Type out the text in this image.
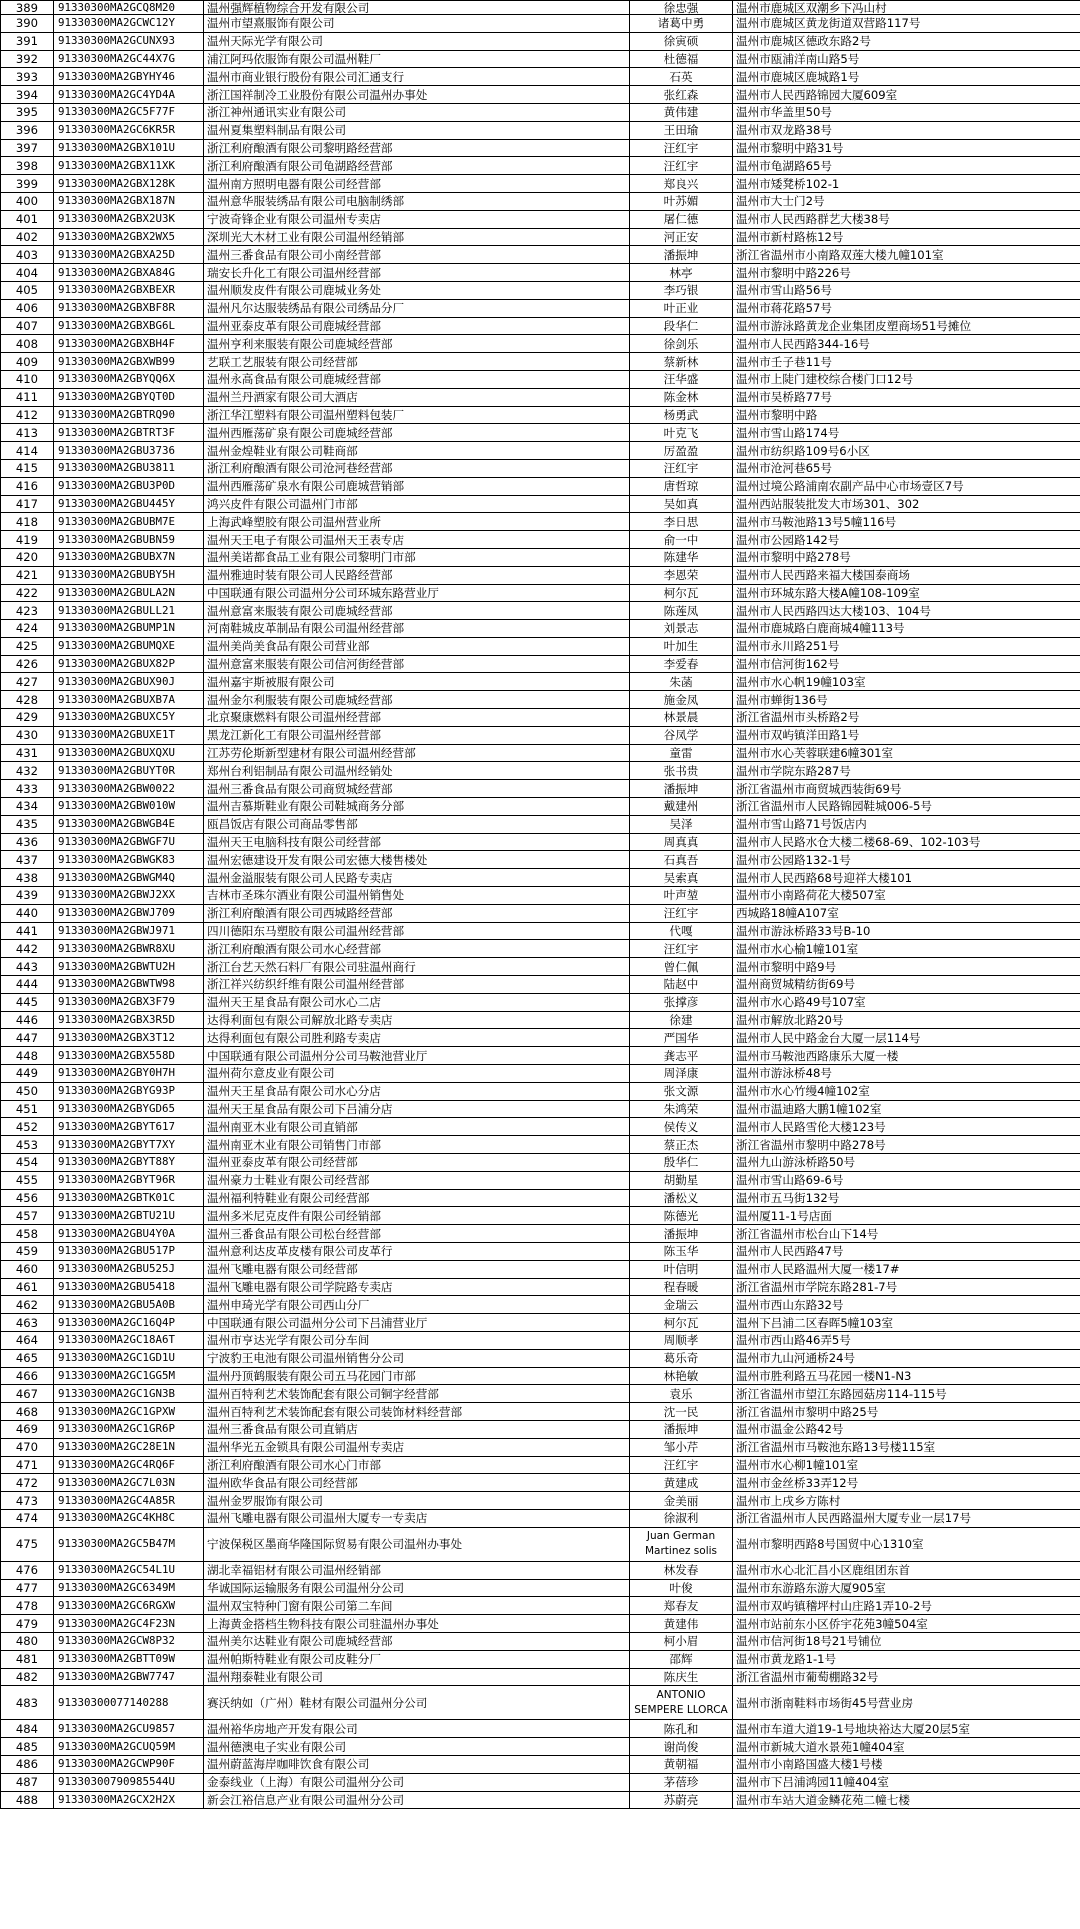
389	91330300MA2GCQ8M20	温州强辉植物综合开发有限公司	徐忠强	温州市鹿城区双潮乡下冯山村
390	91330300MA2GCWC12Y	温州市望熹服饰有限公司	诸葛中勇	温州市鹿城区黄龙街道双营路117号
391	91330300MA2GCUNX93	温州天际光学有限公司	徐寅硕	温州市鹿城区德政东路2号
392	91330300MA2GC44X7G	浦江阿玛依服饰有限公司温州鞋厂	杜德福	温州市瓯浦洋南山路5号
393	91330300MA2GBYHY46	温州市商业银行股份有限公司汇通支行	石英	温州市鹿城区鹿城路1号
394	91330300MA2GC4YD4A	浙江国祥制冷工业股份有限公司温州办事处	张红森	温州市人民西路锦园大厦609室
395	91330300MA2GC5F77F	浙江神州通讯实业有限公司	黄伟建	温州市华盖里50号
396	91330300MA2GC6KR5R	温州夏集塑料制品有限公司	王田瑜	温州市双龙路38号
397	91330300MA2GBX101U	浙江利府酿酒有限公司黎明路经营部	汪红宇	温州市黎明中路31号
398	91330300MA2GBX11XK	浙江利府酿酒有限公司龟湖路经营部	汪红宇	温州市龟湖路65号
399	91330300MA2GBX128K	温州南方照明电器有限公司经营部	郑良兴	温州市矮凳桥102-1
400	91330300MA2GBX187N	温州意华服装绣品有限公司电脑制绣部	叶苏媚	温州市大士门2号
401	91330300MA2GBX2U3K	宁波奇锋企业有限公司温州专卖店	屠仁德	温州市人民西路群艺大楼38号
402	91330300MA2GBX2WX5	深圳光大木材工业有限公司温州经销部	河正安	温州市新村路栋12号
403	91330300MA2GBXA25D	温州三番食品有限公司小南经营部	潘振坤	浙江省温州市小南路双莲大楼九幢101室
404	91330300MA2GBXA84G	瑞安长升化工有限公司温州经营部	林亭	温州市黎明中路226号
405	91330300MA2GBXBEXR	温州顺发皮件有限公司鹿城业务处	李巧银	温州市雪山路56号
406	91330300MA2GBXBF8R	温州凡尔达服装绣品有限公司绣品分厂	叶正业	温州市蒋花路57号
407	91330300MA2GBXBG6L	温州亚泰皮革有限公司鹿城经营部	段华仁	温州市游泳路黄龙企业集团皮塑商场51号摊位
408	91330300MA2GBXBH4F	温州亨利来服装有限公司鹿城经营部	徐剑乐	温州市人民西路344-16号
409	91330300MA2GBXWB99	艺联工艺服装有限公司经营部	蔡新林	温州市壬子巷11号
410	91330300MA2GBYQQ6X	温州永高食品有限公司鹿城经营部	汪华盛	温州市上陡门建校综合楼门口12号
411	91330300MA2GBYQT0D	温州兰丹酒家有限公司大酒店	陈金林	温州市吴桥路77号
412	91330300MA2GBTRQ90	浙江华江塑料有限公司温州塑料包装厂	杨勇武	温州市黎明中路
413	91330300MA2GBTRT3F	温州西雁荡矿泉有限公司鹿城经营部	叶克飞	温州市雪山路174号
414	91330300MA2GBU3736	温州金煌鞋业有限公司鞋商部	厉盈盈	温州市纺织路109号6小区
415	91330300MA2GBU3811	浙江利府酿酒有限公司沧河巷经营部	汪红宇	温州市沧河巷65号
416	91330300MA2GBU3P0D	温州西雁荡矿泉水有限公司鹿城营销部	唐哲琼	温州过境公路浦南农副产品中心市场壹区7号
417	91330300MA2GBU445Y	鸿兴皮件有限公司温州门市部	吴如真	温州西站服装批发大市场301、302
418	91330300MA2GBUBM7E	上海武峰塑胶有限公司温州营业所	李日思	温州市马鞍池路13号5幢116号
419	91330300MA2GBUBN59	温州天王电子有限公司温州天王表专店	俞一中	温州市公园路142号
420	91330300MA2GBUBX7N	温州美诺都食品工业有限公司黎明门市部	陈建华	温州市黎明中路278号
421	91330300MA2GBUBY5H	温州雅迪时装有限公司人民路经营部	李恩荣	温州市人民西路来福大楼国泰商场
422	91330300MA2GBULA2N	中国联通有限公司温州分公司环城东路营业厅	柯尔瓦	温州市环城东路大楼A幢108-109室
423	91330300MA2GBULL21	温州意富来服装有限公司鹿城经营部	陈莲凤	温州市人民西路四达大楼103、104号
424	91330300MA2GBUMP1N	河南鞋城皮革制品有限公司温州经营部	刘景志	温州市鹿城路白鹿商城4幢113号
425	91330300MA2GBUMQXE	温州美尚美食品有限公司营业部	叶加生	温州市永川路251号
426	91330300MA2GBUX82P	温州意富来服装有限公司信河街经营部	李爱春	温州市信河街162号
427	91330300MA2GBUX90J	温州嘉宇斯被服有限公司	朱菡	温州市水心帆19幢103室
428	91330300MA2GBUXB7A	温州金尔利服装有限公司鹿城经营部	施金凤	温州市蝉街136号
429	91330300MA2GBUXC5Y	北京聚康燃料有限公司温州经营部	林景晨	浙江省温州市头桥路2号
430	91330300MA2GBUXE1T	黑龙江新化工有限公司温州经营部	谷凤学	温州市双屿镇洋田路1号
431	91330300MA2GBUXQXU	江苏劳伦斯新型建材有限公司温州经营部	童雷	温州市水心芙蓉联建6幢301室
432	91330300MA2GBUYT0R	郑州台利铝制品有限公司温州经销处	张书贵	温州市学院东路287号
433	91330300MA2GBW0022	温州三番食品有限公司商贸城经营部	潘振坤	浙江省温州市商贸城西装街69号
434	91330300MA2GBW010W	温州吉慕斯鞋业有限公司鞋城商务分部	戴建州	浙江省温州市人民路锦园鞋城006-5号
435	91330300MA2GBWGB4E	瓯昌饭店有限公司商品零售部	吴泽	温州市雪山路71号饭店内
436	91330300MA2GBWGF7U	温州天王电脑科技有限公司经营部	周真真	温州市人民路水仓大楼二楼68-69、102-103号
437	91330300MA2GBWGK83	温州宏德建设开发有限公司宏德大楼售楼处	石真吾	温州市公园路132-1号
438	91330300MA2GBWGM4Q	温州金溢服装有限公司人民路专卖店	吴索真	温州市人民西路68号迎祥大楼101
439	91330300MA2GBWJ2XX	吉林市圣珠尔酒业有限公司温州销售处	叶声堃	温州市小南路荷花大楼507室
440	91330300MA2GBWJ709	浙江利府酿酒有限公司西城路经营部	汪红宇	西城路18幢A107室
441	91330300MA2GBWJ971	四川德阳东马塑胶有限公司温州经营部	代嘎	温州市游泳桥路33号B-10
442	91330300MA2GBWR8XU	浙江利府酿酒有限公司水心经营部	汪红宇	温州市水心榆1幢101室
443	91330300MA2GBWTU2H	浙江台艺天然石料厂有限公司驻温州商行	曾仁佩	温州市黎明中路9号
444	91330300MA2GBWTW98	浙江祥兴纺织纤维有限公司温州经营部	陆赵中	温州商贸城精纺街69号
445	91330300MA2GBX3F79	温州天王星食品有限公司水心二店	张撑彦	温州市水心路49号107室
446	91330300MA2GBX3R5D	达得利面包有限公司解放北路专卖店	徐建	温州市解放北路20号
447	91330300MA2GBX3T12	达得利面包有限公司胜利路专卖店	严国华	温州市人民中路金台大厦一层114号
448	91330300MA2GBX558D	中国联通有限公司温州分公司马鞍池营业厅	龚志平	温州市马鞍池西路康乐大厦一楼
449	91330300MA2GBY0H7H	温州荷尔意皮业有限公司	周泽康	温州市游泳桥48号
450	91330300MA2GBYG93P	温州天王星食品有限公司水心分店	张文源	温州市水心竹缦4幢102室
451	91330300MA2GBYGD65	温州天王星食品有限公司下吕浦分店	朱鸿荣	温州市温迪路大鹏1幢102室
452	91330300MA2GBYT617	温州南亚木业有限公司直销部	侯传义	温州市人民路雪伦大楼123号
453	91330300MA2GBYT7XY	温州南亚木业有限公司销售门市部	蔡正杰	浙江省温州市黎明中路278号
454	91330300MA2GBYT88Y	温州亚泰皮革有限公司经营部	殷华仁	温州九山游泳桥路50号
455	91330300MA2GBYT96R	温州豪力士鞋业有限公司经营部	胡勤星	温州市雪山路69-6号
456	91330300MA2GBTK01C	温州福利特鞋业有限公司经营部	潘松义	温州市五马街132号
457	91330300MA2GBTU21U	温州多米尼克皮件有限公司经销部	陈德光	温州厦11-1号店面
458	91330300MA2GBU4Y0A	温州三番食品有限公司松台经营部	潘振坤	浙江省温州市松台山下14号
459	91330300MA2GBU517P	温州意利达皮革皮楼有限公司皮革行	陈玉华	温州市人民西路47号
460	91330300MA2GBU525J	温州飞雕电器有限公司经营部	叶信明	温州市人民路温州大厦一楼17#
461	91330300MA2GBU5418	温州飞雕电器有限公司学院路专卖店	程春暖	浙江省温州市学院东路281-7号
462	91330300MA2GBU5A0B	温州申琦光学有限公司西山分厂	金瑞云	温州市西山东路32号
463	91330300MA2GC16Q4P	中国联通有限公司温州分公司下吕浦营业厅	柯尔瓦	温州下吕浦二区春晖5幢103室
464	91330300MA2GC18A6T	温州市亨达光学有限公司分车间	周顺孝	温州市西山路46弄5号
465	91330300MA2GC1GD1U	宁波豹王电池有限公司温州销售分公司	葛乐奇	温州市九山河通桥24号
466	91330300MA2GC1GG5M	温州丹顶鹤服装有限公司五马花园门市部	林艳敏	温州市胜利路五马花园一楼N1-N3
467	91330300MA2GC1GN3B	温州百特利艺术装饰配套有限公司铜字经营部	袁乐	浙江省温州市望江东路园菇房114-115号
468	91330300MA2GC1GPXW	温州百特利艺术装饰配套有限公司装饰材料经营部	沈一民	浙江省温州市黎明中路25号
469	91330300MA2GC1GR6P	温州三番食品有限公司直销店	潘振坤	温州市温金公路42号
470	91330300MA2GC28E1N	温州华光五金锁具有限公司温州专卖店	邹小芹	浙江省温州市马鞍池东路13号楼115室
471	91330300MA2GC4RQ6F	浙江利府酿酒有限公司水心门市部	汪红宇	温州市水心柳1幢101室
472	91330300MA2GC7L03N	温州欧华食品有限公司经营部	黄建成	温州市金丝桥33弄12号
473	91330300MA2GC4A85R	温州金罗服饰有限公司	金美丽	温州市上戌乡方陈村
474	91330300MA2GC4KH8C	温州飞雕电器有限公司温州大厦专一专卖店	徐淑利	浙江省温州市人民西路温州大厦专业一层17号
475	91330300MA2GC5B47M	宁波保税区墨商华隆国际贸易有限公司温州办事处	Juan German Martinez solis	温州市黎明西路8号国贸中心1310室
476	91330300MA2GC54L1U	湖北幸福铝材有限公司温州经销部	林发春	温州市水心北汇昌小区鹿组团东首
477	91330300MA2GC6349M	华诚国际运输服务有限公司温州分公司	叶俊	温州市东游路东游大厦905室
478	91330300MA2GC6RGXW	温州双宝特种门窗有限公司第二车间	郑春友	温州市双屿镇稽坪村山庄路1弄10-2号
479	91330300MA2GC4F23N	上海黄金搭档生物科技有限公司驻温州办事处	黄建伟	温州市站前东小区侨宇花苑3幢504室
480	91330300MA2GCW8P32	温州美尔达鞋业有限公司鹿城经营部	柯小眉	温州市信河街18号21号铺位
481	91330300MA2GBTT09W	温州帕斯特鞋业有限公司皮鞋分厂	邵辉	温州市黄龙路1-1号
482	91330300MA2GBW7747	温州翔泰鞋业有限公司	陈庆生	浙江省温州市葡萄棚路32号
483	91330300077140288	赛沃纳如（广州）鞋材有限公司温州分公司	ANTONIO SEMPERE LLORCA	温州市浙南鞋料市场街45号营业房
484	91330300MA2GCU9857	温州裕华房地产开发有限公司	陈孔和	温州市车道大道19-1号地块裕达大厦20层5室
485	91330300MA2GCUQ59M	温州德澳电子实业有限公司	谢尚俊	温州市新城大道水景苑1幢404室
486	91330300MA2GCWP90F	温州蔚蓝海岸咖啡饮食有限公司	黄朝福	温州市小南路国盛大楼1号楼
487	91330300790985544U	金泰线业（上海）有限公司温州分公司	茅蓓珍	温州市下吕浦鸿园11幢404室
488	91330300MA2GCX2H2X	新会江裕信息产业有限公司温州分公司	苏蔚亮	温州市车站大道金鳞花苑二幢七楼
